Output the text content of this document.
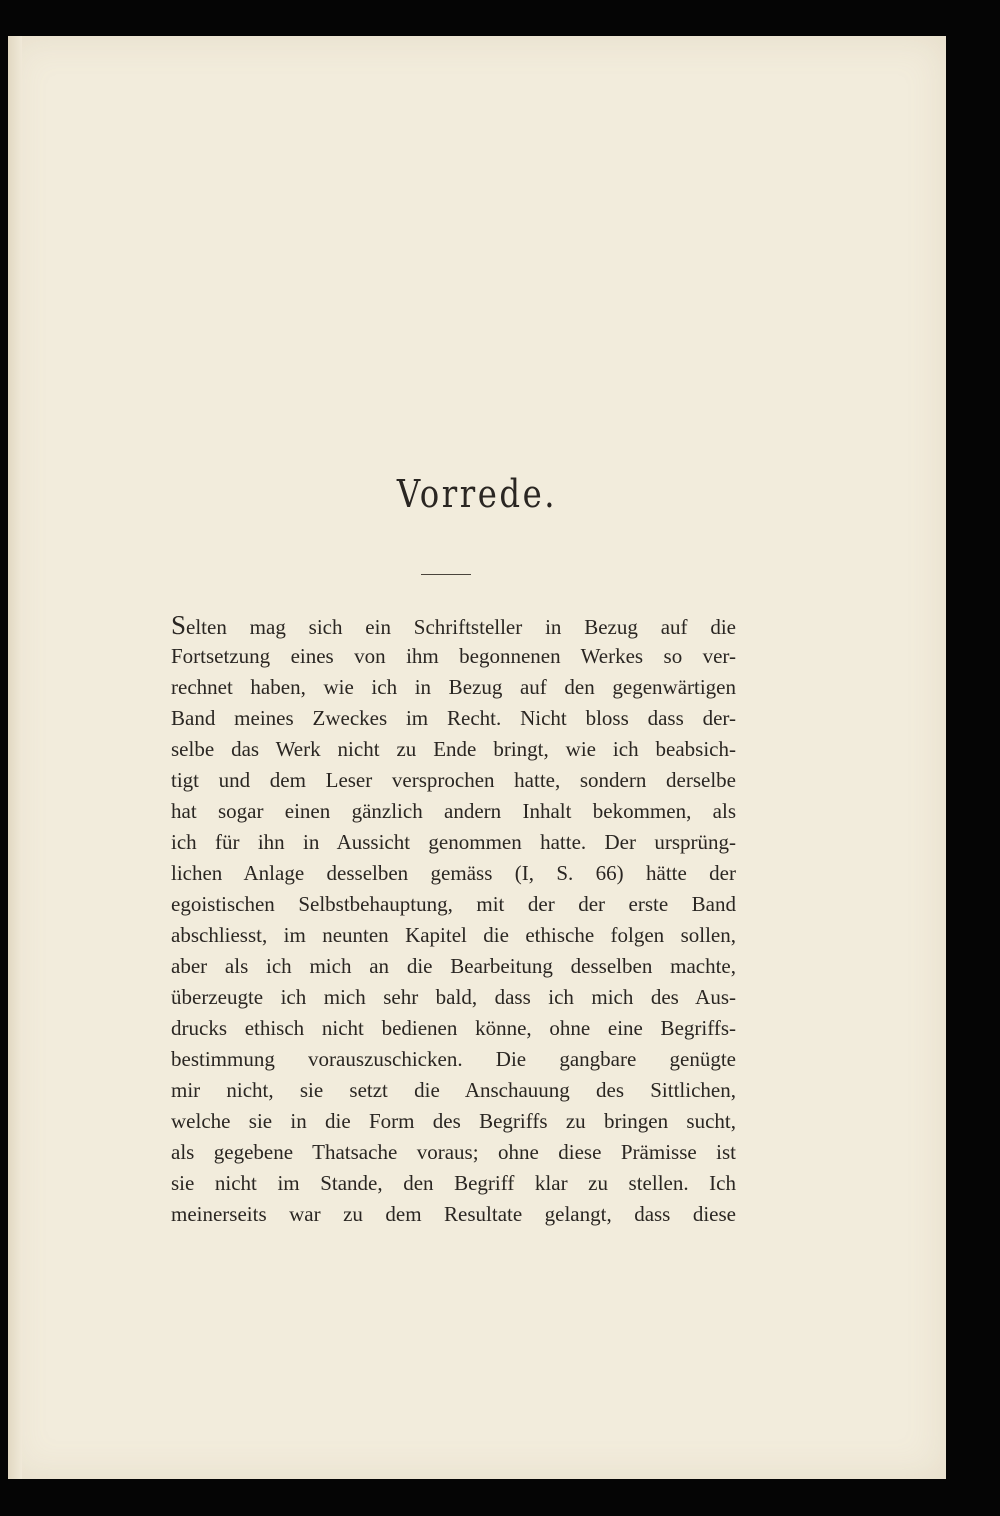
Vorrede.
Selten mag sich ein Schriftsteller in Bezug auf die
Fortsetzung eines von ihm begonnenen Werkes so ver-
rechnet haben, wie ich in Bezug auf den gegenwärtigen
Band meines Zweckes im Recht. Nicht bloss dass der-
selbe das Werk nicht zu Ende bringt, wie ich beabsich-
tigt und dem Leser versprochen hatte, sondern derselbe
hat sogar einen gänzlich andern Inhalt bekommen, als
ich für ihn in Aussicht genommen hatte. Der ursprüng-
lichen Anlage desselben gemäss (I, S. 66) hätte der
egoistischen Selbstbehauptung, mit der der erste Band
abschliesst, im neunten Kapitel die ethische folgen sollen,
aber als ich mich an die Bearbeitung desselben machte,
überzeugte ich mich sehr bald, dass ich mich des Aus-
drucks ethisch nicht bedienen könne, ohne eine Begriffs-
bestimmung vorauszuschicken. Die gangbare genügte
mir nicht, sie setzt die Anschauung des Sittlichen,
welche sie in die Form des Begriffs zu bringen sucht,
als gegebene Thatsache voraus; ohne diese Prämisse ist
sie nicht im Stande, den Begriff klar zu stellen. Ich
meinerseits war zu dem Resultate gelangt, dass diese
